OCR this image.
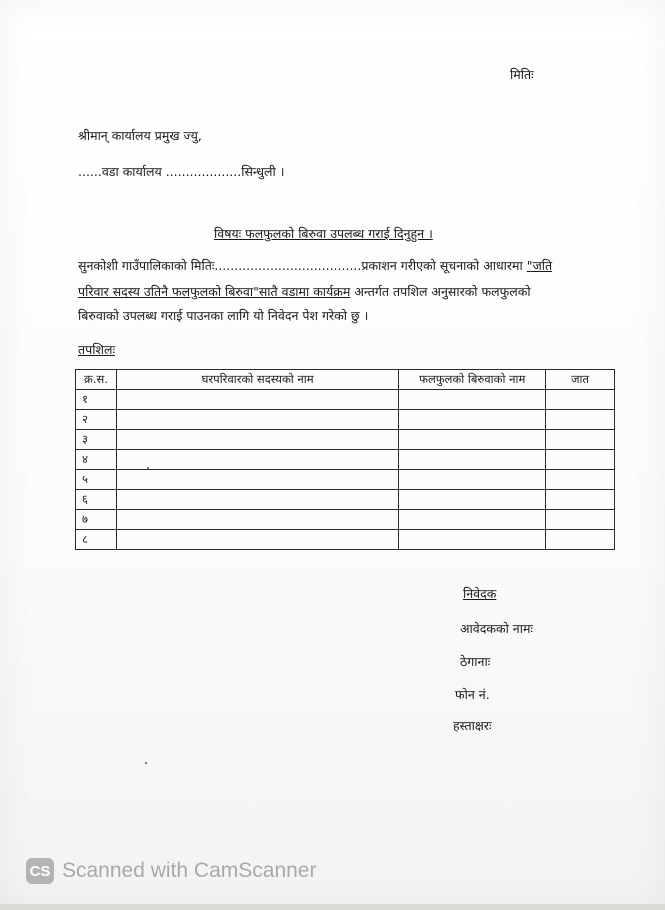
मितिः
श्रीमान् कार्यालय प्रमुख ज्यु,
......वडा कार्यालय ...................सिन्धुली ।
विषयः फलफुलको बिरुवा उपलब्ध गराई दिनुहुन ।
सुनकोशी गाउँपालिकाको मितिः.....................................प्रकाशन गरीएको सूचनाको आधारमा "जति
परिवार सदस्य उतिनै फलफुलको बिरुवा"सातै वडामा कार्यक्रम अन्तर्गत तपशिल अनुसारको फलफुलको
बिरुवाको उपलब्ध गराई पाउनका लागि यो निवेदन पेश गरेको छु ।
तपशिलः
क्र.स.	घरपरिवारको सदस्यको नाम	फलफुलको बिरुवाको नाम	जात
१			
२			
३			
४			
५			
६			
७			
८			
निवेदक
आवेदकको नामः
ठेगानाः
फोन नं.
हस्ताक्षरः
CS Scanned with CamScanner
